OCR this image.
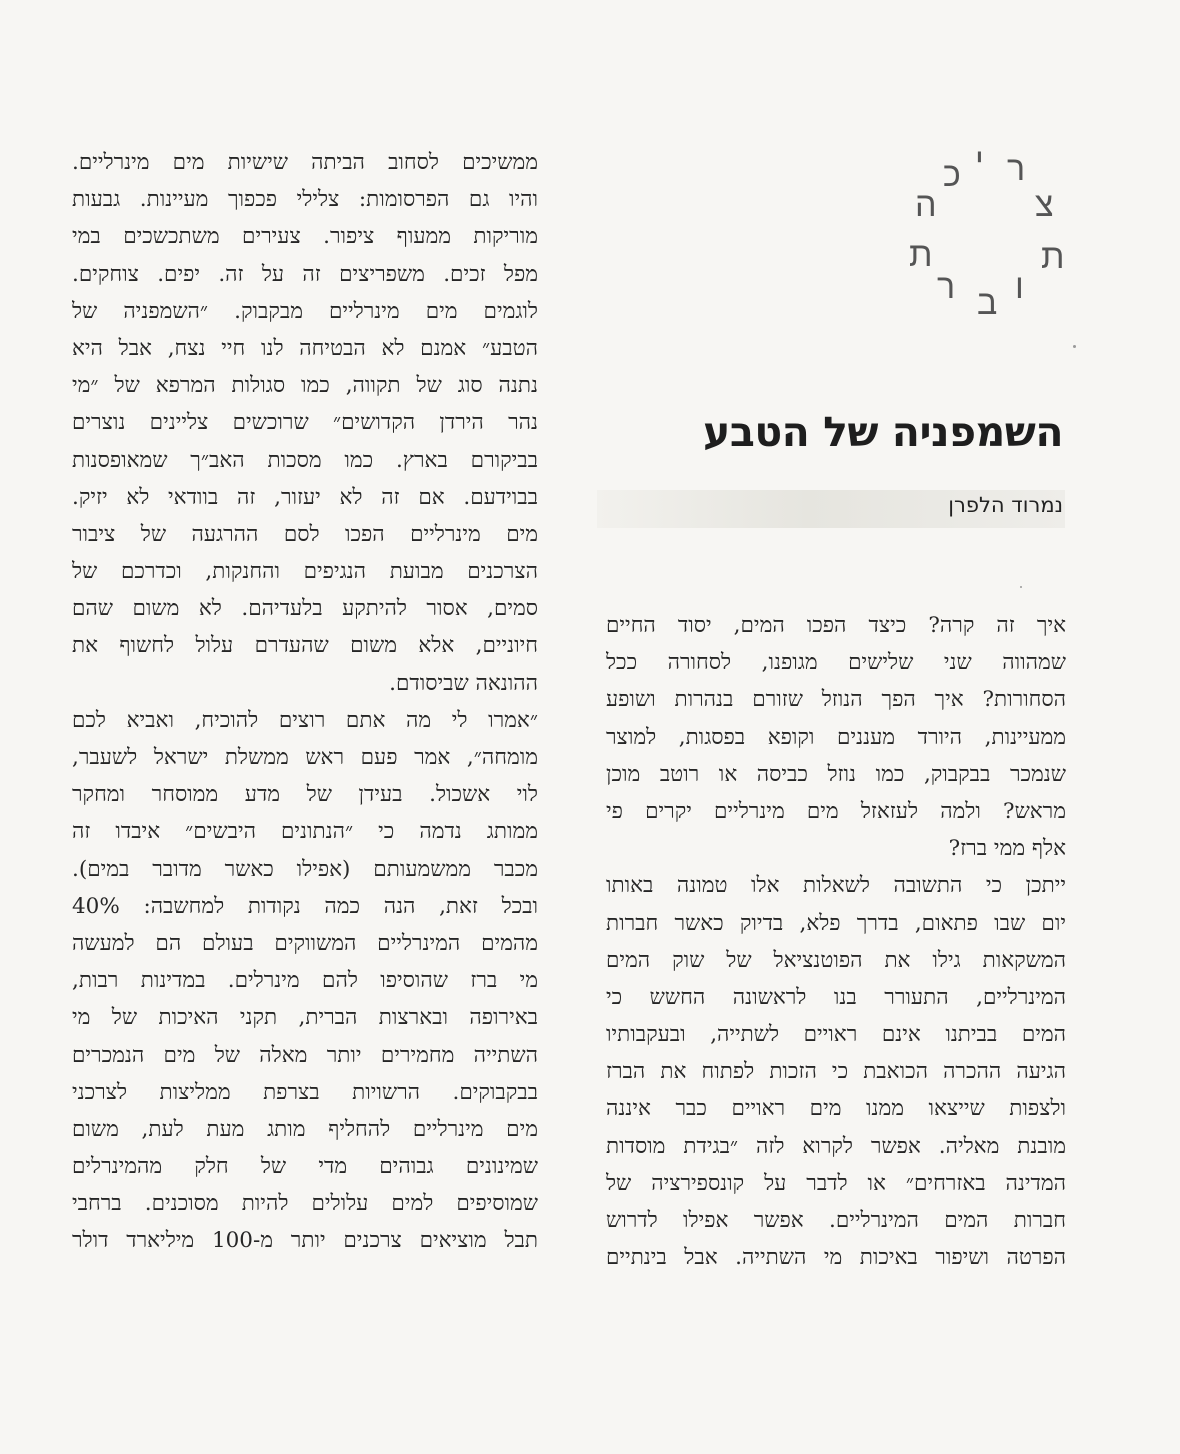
צ
ר
י
כ
ה
ת
ר ב ו
ת
השמפניה של הטבע
נמרוד הלפרן
ממשיכים לסחוב הביתה שישיות מים מינרליים.
והיו גם הפרסומות: צלילי פכפוך מעיינות. גבעות
מוריקות ממעוף ציפור. צעירים משתכשכים במי
מפל זכים. משפריצים זה על זה. יפים. צוחקים.
לוגמים מים מינרליים מבקבוק. ״השמפניה של
הטבע״ אמנם לא הבטיחה לנו חיי נצח, אבל היא
נתנה סוג של תקווה, כמו סגולות המרפא של ״מי
נהר הירדן הקדושים״ שרוכשים צליינים נוצרים
בביקורם בארץ. כמו מסכות האב״ך שמאופסנות
בבוידעם. אם זה לא יעזור, זה בוודאי לא יזיק.
מים מינרליים הפכו לסם ההרגעה של ציבור
הצרכנים מבועת הנגיפים והחנקות, וכדרכם של
סמים, אסור להיתקע בלעדיהם. לא משום שהם
חיוניים, אלא משום שהעדרם עלול לחשוף את
ההונאה שביסודם.
״אמרו לי מה אתם רוצים להוכיח, ואביא לכם
מומחה״, אמר פעם ראש ממשלת ישראל לשעבר,
לוי אשכול. בעידן של מדע ממוסחר ומחקר
ממותג נדמה כי ״הנתונים היבשים״ איבדו זה
מכבר ממשמעותם (אפילו כאשר מדובר במים).
ובכל זאת, הנה כמה נקודות למחשבה: 40%
מהמים המינרליים המשווקים בעולם הם למעשה
מי ברז שהוסיפו להם מינרלים. במדינות רבות,
באירופה ובארצות הברית, תקני האיכות של מי
השתייה מחמירים יותר מאלה של מים הנמכרים
בבקבוקים. הרשויות בצרפת ממליצות לצרכני
מים מינרליים להחליף מותג מעת לעת, משום
שמינונים גבוהים מדי של חלק מהמינרלים
שמוסיפים למים עלולים להיות מסוכנים. ברחבי
תבל מוציאים צרכנים יותר מ-100 מיליארד דולר
איך זה קרה? כיצד הפכו המים, יסוד החיים
שמהווה שני שלישים מגופנו, לסחורה ככל
הסחורות? איך הפך הנוזל שזורם בנהרות ושופע
ממעיינות, היורד מעננים וקופא בפסגות, למוצר
שנמכר בבקבוק, כמו נוזל כביסה או רוטב מוכן
מראש? ולמה לעזאזל מים מינרליים יקרים פי
אלף ממי ברז?
ייתכן כי התשובה לשאלות אלו טמונה באותו
יום שבו פתאום, בדרך פלא, בדיוק כאשר חברות
המשקאות גילו את הפוטנציאל של שוק המים
המינרליים, התעורר בנו לראשונה החשש כי
המים בביתנו אינם ראויים לשתייה, ובעקבותיו
הגיעה ההכרה הכואבת כי הזכות לפתוח את הברז
ולצפות שייצאו ממנו מים ראויים כבר איננה
מובנת מאליה. אפשר לקרוא לזה ״בגידת מוסדות
המדינה באזרחים״ או לדבר על קונספירציה של
חברות המים המינרליים. אפשר אפילו לדרוש
הפרטה ושיפור באיכות מי השתייה. אבל בינתיים
